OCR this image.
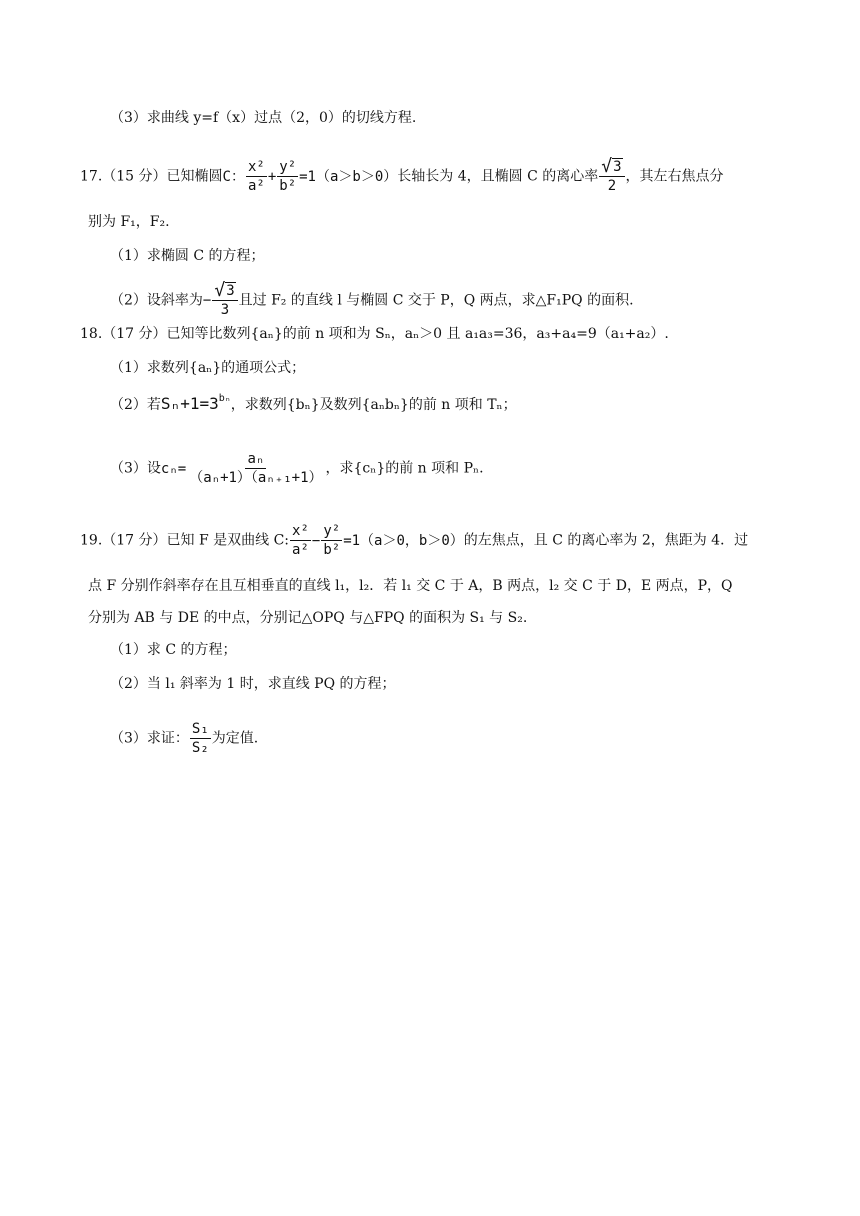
（3）求曲线 y=f（x）过点（2，0）的切线方程.
17.（15 分）已知椭圆 C： $\frac{\text{x²}}{\text{a²}} + \frac{\text{y²}}{\text{b²}} =1(a>b>0)$ 长轴长为 4，且椭圆 C 的离心率 $\frac{√ 3}{2}$ ，其左右焦点分
别为 F₁，F₂.
（1）求椭圆 C 的方程；
（2）设斜率为− $\frac{√ 3}{3}$ 且过 F₂ 的直线 l 与椭圆 C 交于 P，Q 两点，求△F₁PQ 的面积.
18.（17 分）已知等比数列{aₙ}的前 n 项和为 Sₙ，aₙ＞0 且 a₁a₃=36，a₃+a₄=9（a₁+a₂）.
（1）求数列{aₙ}的通项公式；
（2）若$S_n+1=3^{b_n}$，求数列{bₙ}及数列{aₙbₙ}的前 n 项和 Tₙ；
（3）设 $c_n= \frac{\text{aₙ}}{\text{（aₙ+1）（aₙ₊₁+1）}}$ ，求{cₙ}的前 n 项和 Pₙ.
19.（17 分）已知 F 是双曲线 C: $\frac{\text{x²}}{\text{a²}} - \frac{\text{y²}}{\text{b²}} =1(a>0$，b＞0） 的左焦点，且 C 的离心率为 2，焦距为 4．过
点 F 分别作斜率存在且互相垂直的直线 l₁，l₂．若 l₁ 交 C 于 A，B 两点，l₂ 交 C 于 D，E 两点，P，Q
分别为 AB 与 DE 的中点，分别记△OPQ 与△FPQ 的面积为 S₁ 与 S₂.
（1）求 C 的方程；
（2）当 l₁ 斜率为 1 时，求直线 PQ 的方程；
（3）求证： $\frac{\text{S₁}}{\text{S₂}}$ 为定值.
